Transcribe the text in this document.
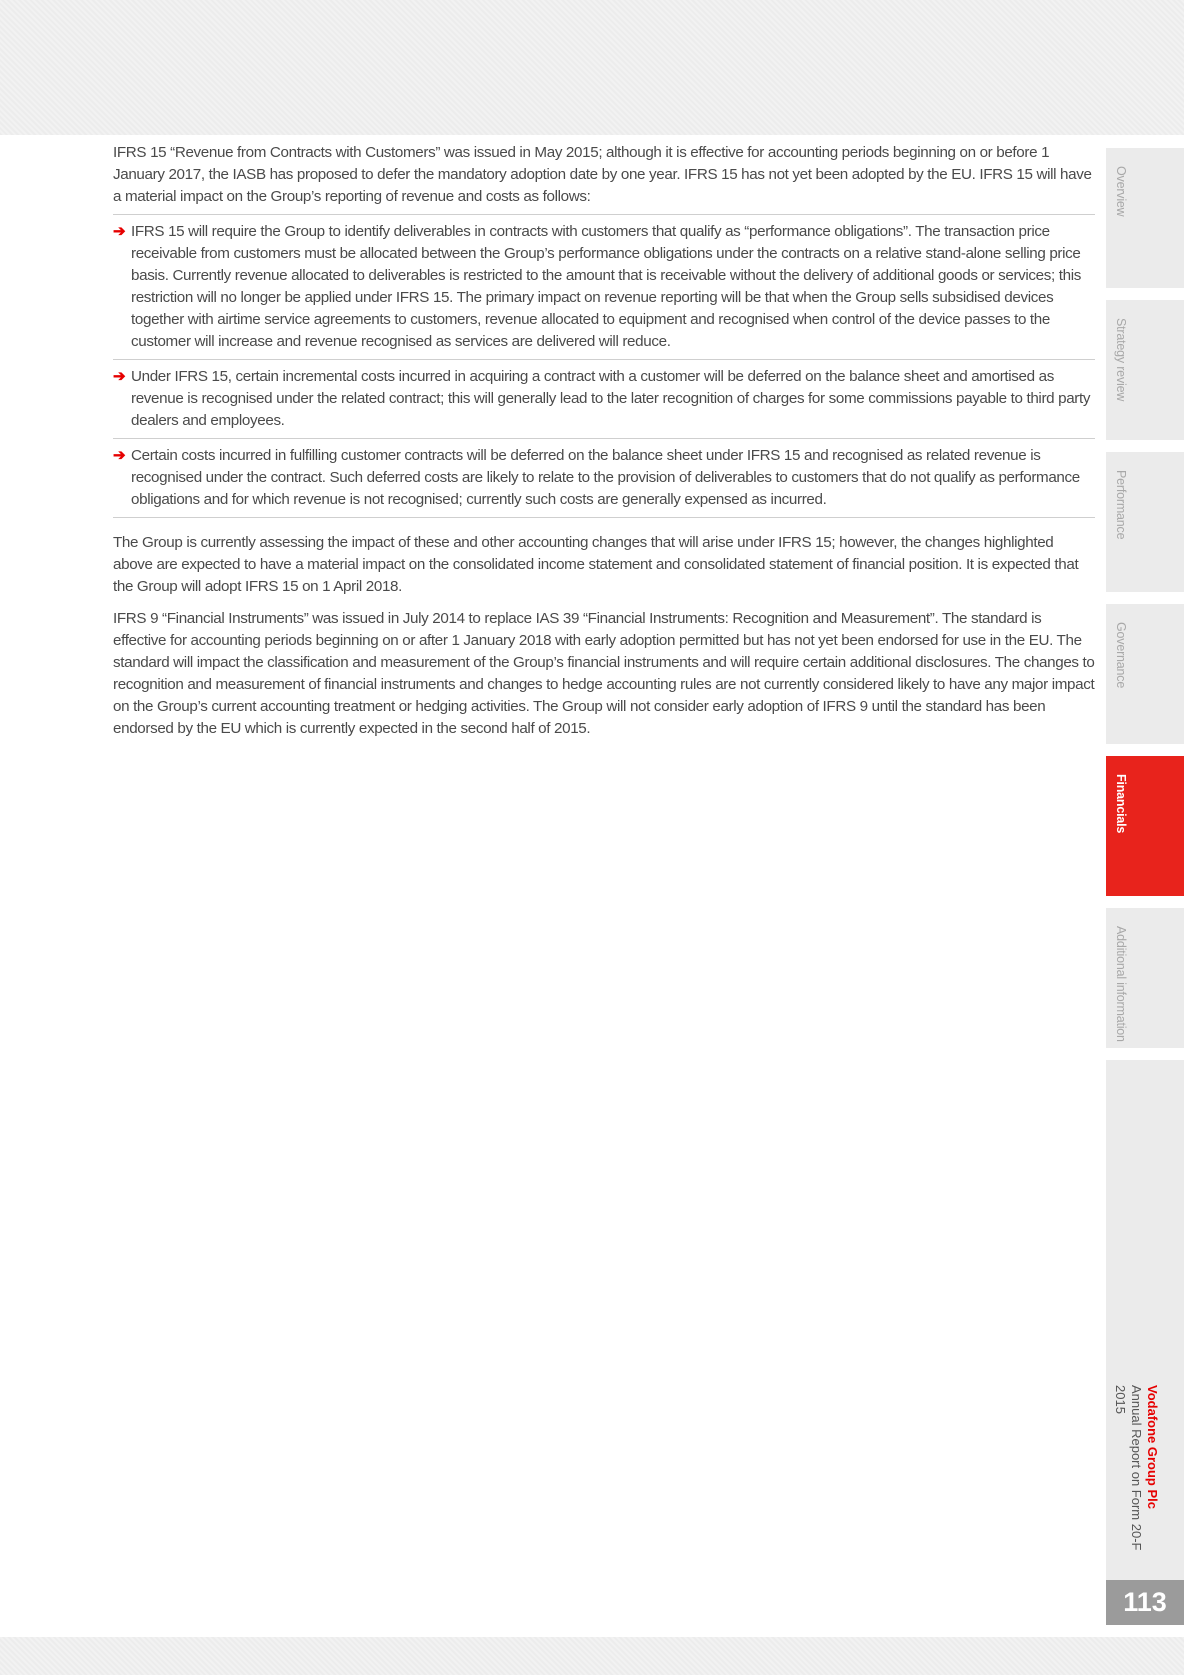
IFRS 15 “Revenue from Contracts with Customers” was issued in May 2015; although it is effective for accounting periods beginning on or before 1 January 2017, the IASB has proposed to defer the mandatory adoption date by one year. IFRS 15 has not yet been adopted by the EU. IFRS 15 will have a material impact on the Group’s reporting of revenue and costs as follows:

➔ IFRS 15 will require the Group to identify deliverables in contracts with customers that qualify as “performance obligations”. The transaction price receivable from customers must be allocated between the Group’s performance obligations under the contracts on a relative stand-alone selling price basis. Currently revenue allocated to deliverables is restricted to the amount that is receivable without the delivery of additional goods or services; this restriction will no longer be applied under IFRS 15. The primary impact on revenue reporting will be that when the Group sells subsidised devices together with airtime service agreements to customers, revenue allocated to equipment and recognised when control of the device passes to the customer will increase and revenue recognised as services are delivered will reduce.
➔ Under IFRS 15, certain incremental costs incurred in acquiring a contract with a customer will be deferred on the balance sheet and amortised as revenue is recognised under the related contract; this will generally lead to the later recognition of charges for some commissions payable to third party dealers and employees.
➔ Certain costs incurred in fulfilling customer contracts will be deferred on the balance sheet under IFRS 15 and recognised as related revenue is recognised under the contract. Such deferred costs are likely to relate to the provision of deliverables to customers that do not qualify as performance obligations and for which revenue is not recognised; currently such costs are generally expensed as incurred.

The Group is currently assessing the impact of these and other accounting changes that will arise under IFRS 15; however, the changes highlighted above are expected to have a material impact on the consolidated income statement and consolidated statement of financial position. It is expected that the Group will adopt IFRS 15 on 1 April 2018.

IFRS 9 “Financial Instruments” was issued in July 2014 to replace IAS 39 “Financial Instruments: Recognition and Measurement”. The standard is effective for accounting periods beginning on or after 1 January 2018 with early adoption permitted but has not yet been endorsed for use in the EU. The standard will impact the classification and measurement of the Group’s financial instruments and will require certain additional disclosures. The changes to recognition and measurement of financial instruments and changes to hedge accounting rules are not currently considered likely to have any major impact on the Group’s current accounting treatment or hedging activities. The Group will not consider early adoption of IFRS 9 until the standard has been endorsed by the EU which is currently expected in the second half of 2015.

Overview
Strategy review
Performance
Governance
Financials
Additional information
Vodafone Group Plc
Annual Report on Form 20-F 2015
113
